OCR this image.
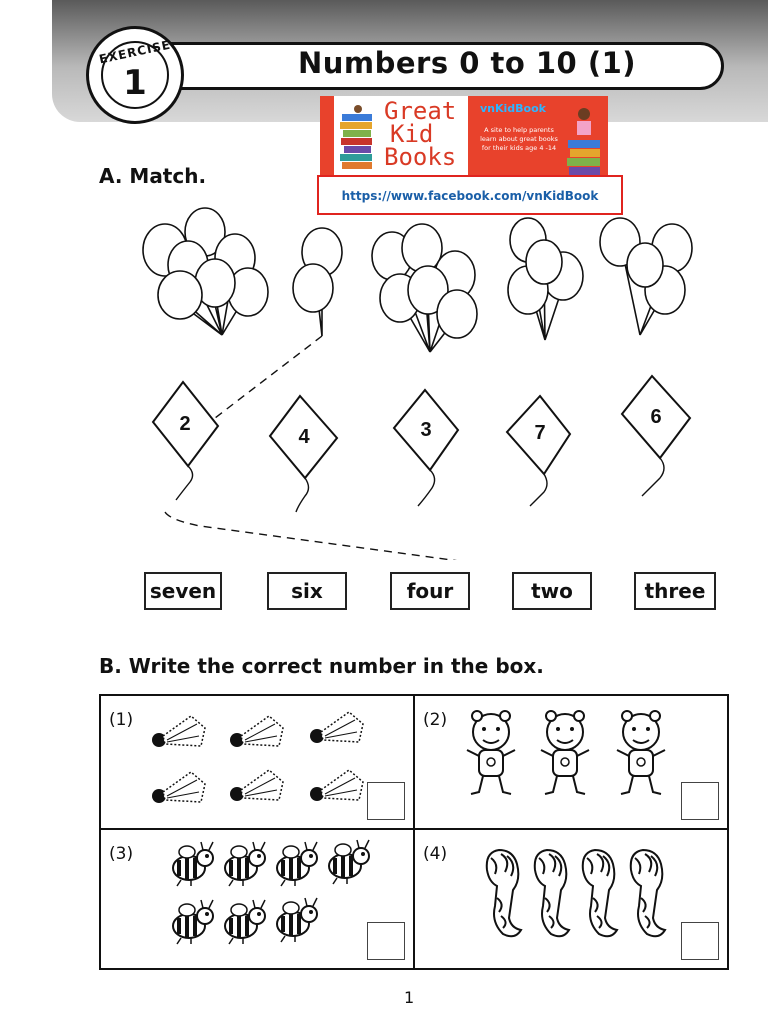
Numbers 0 to 10 (1)
EXERCISE
1
Great
Kid
Books
vnKidBook
A site to help parents learn about great books for their kids age 4 -14
https://www.facebook.com/vnKidBook
A. Match.
2
4	3	7
6
seven	six	four	two	three
B. Write the correct number in the box.
(1)	(2)
(3)	(4)
1
